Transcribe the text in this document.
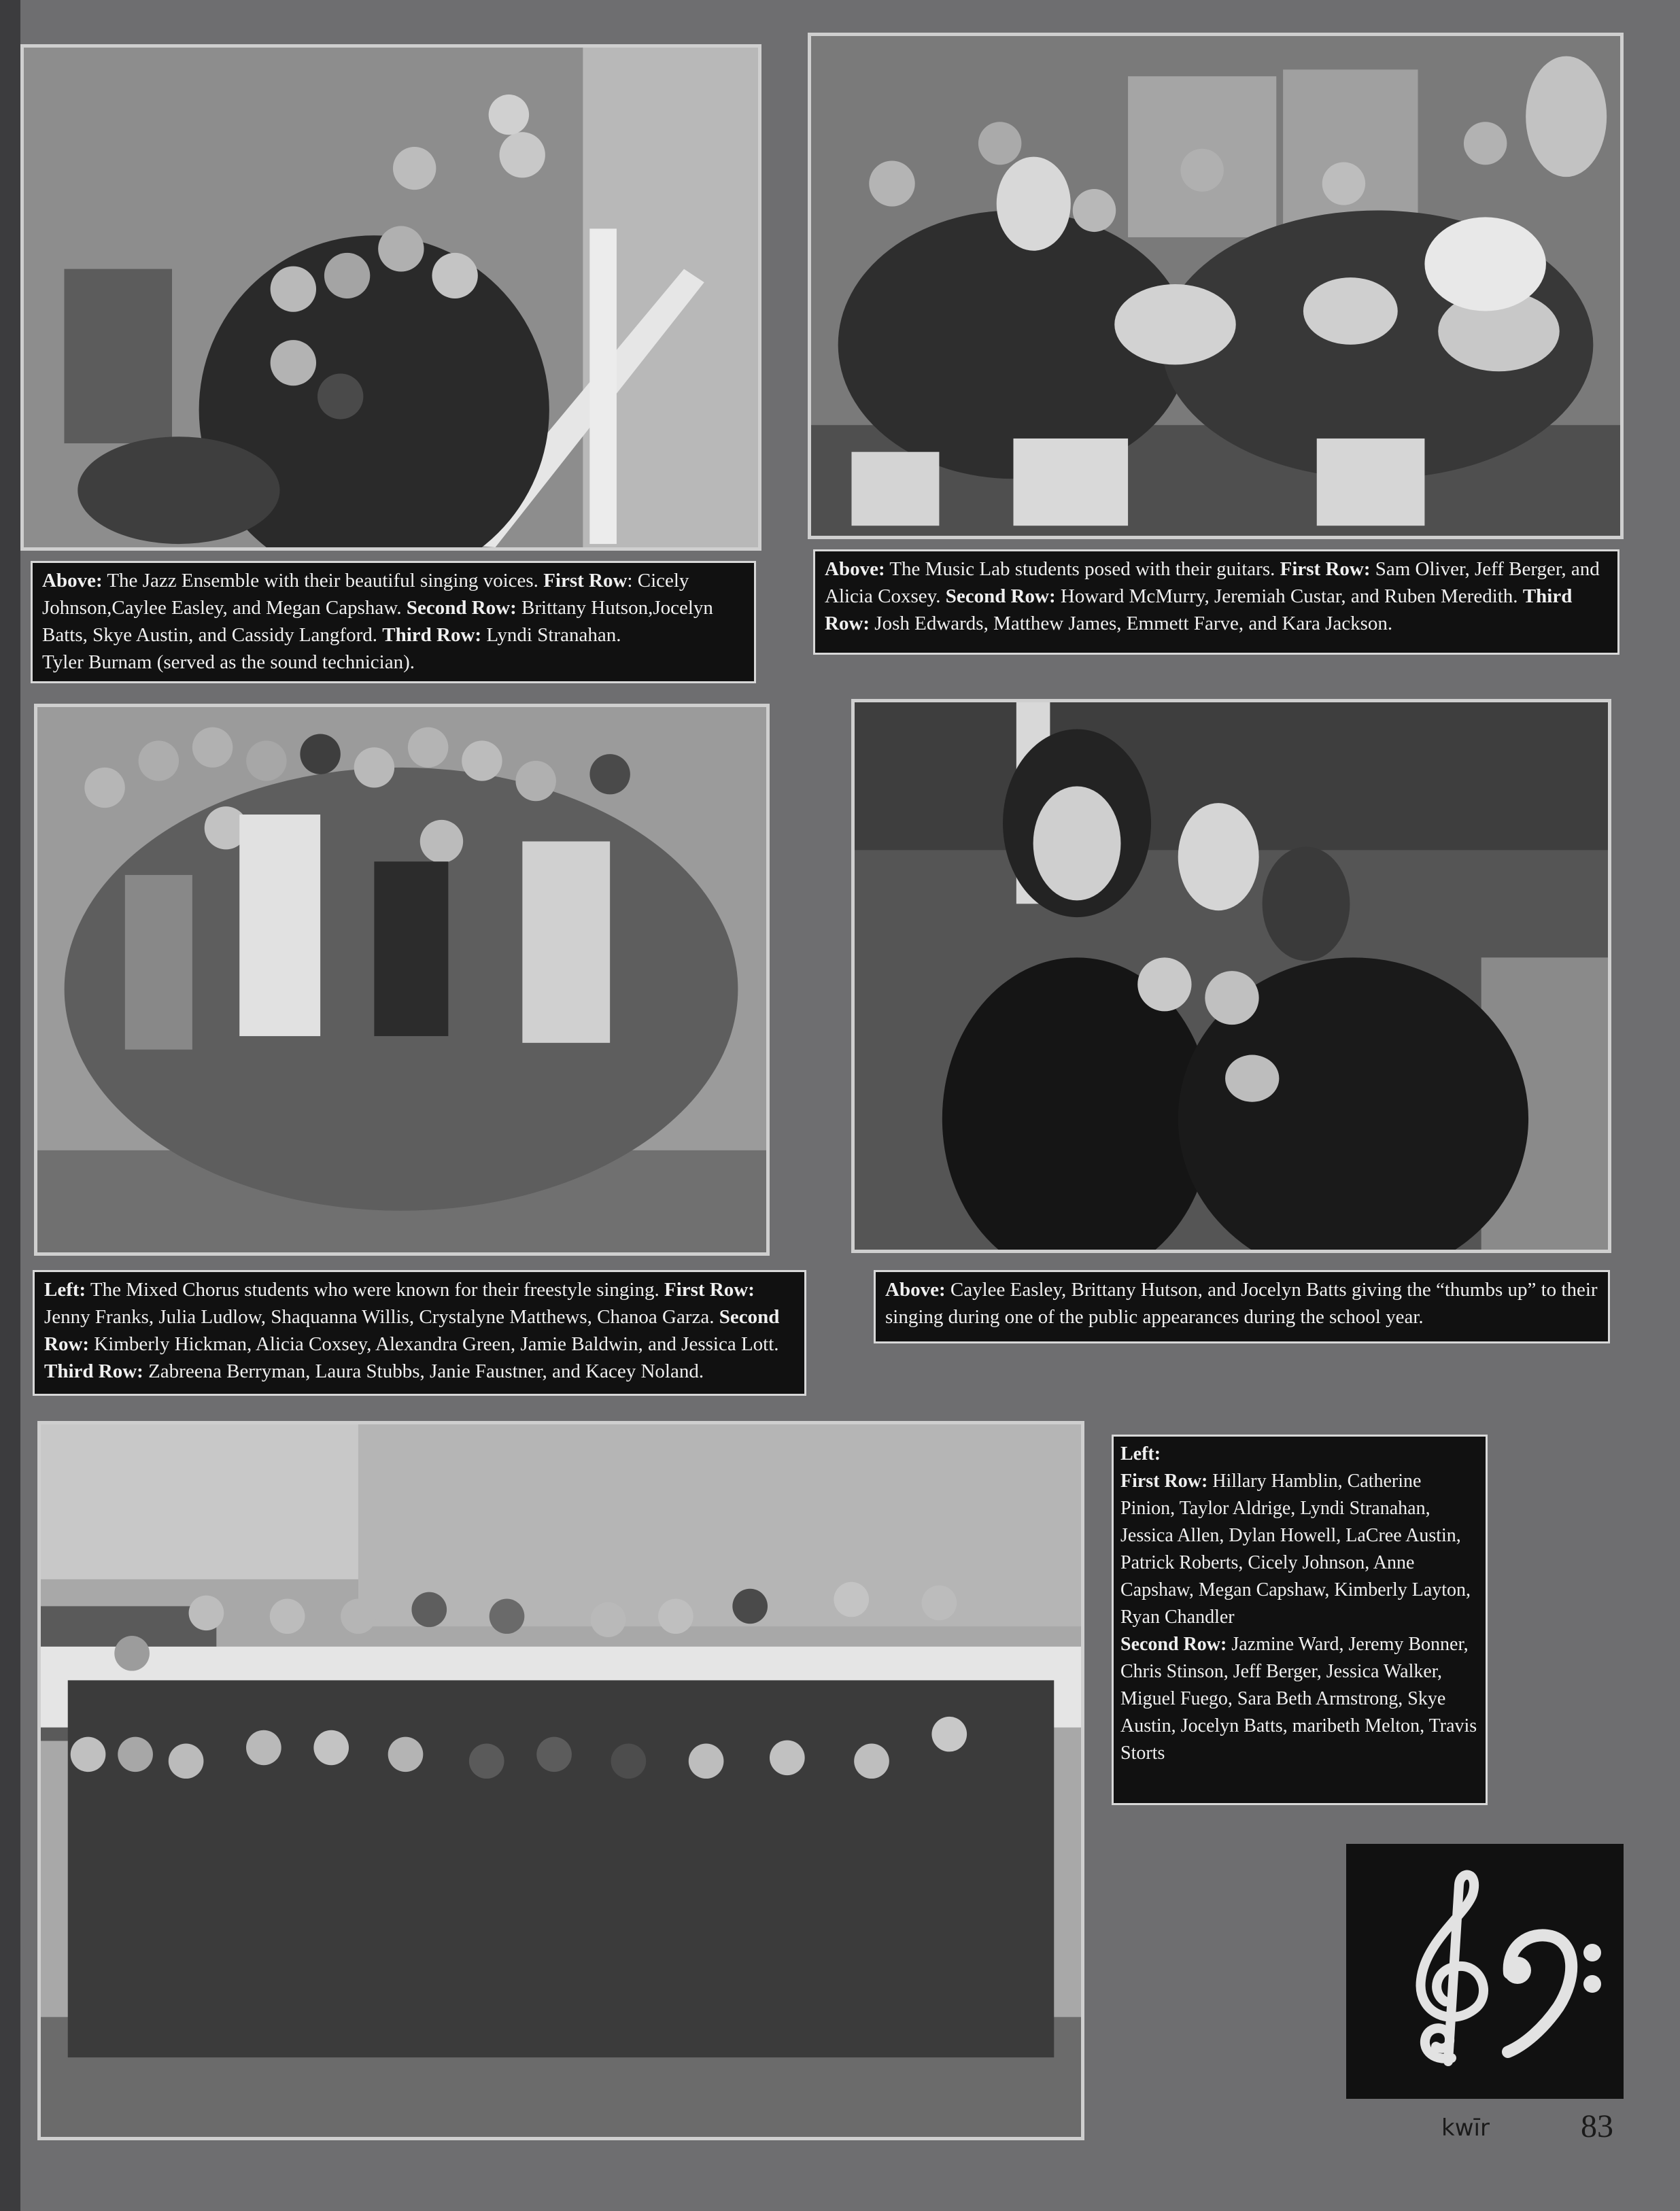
Above: The Jazz Ensemble with their beautiful singing voices. First Row: Cicely Johnson,Caylee Easley, and Megan Capshaw. Second Row: Brittany Hutson,Jocelyn Batts, Skye Austin, and Cassidy Langford. Third Row: Lyndi Stranahan.
Tyler Burnam (served as the sound technician).
Above: The Music Lab students posed with their guitars. First Row: Sam Oliver, Jeff Berger, and Alicia Coxsey. Second Row: Howard McMurry, Jeremiah Custar, and Ruben Meredith. Third Row: Josh Edwards, Matthew James, Emmett Farve, and Kara Jackson.
Left: The Mixed Chorus students who were known for their freestyle singing. First Row: Jenny Franks, Julia Ludlow, Shaquanna Willis, Crystalyne Matthews, Chanoa Garza. Second Row: Kimberly Hickman, Alicia Coxsey, Alexandra Green, Jamie Baldwin, and Jessica Lott. Third Row: Zabreena Berryman, Laura Stubbs, Janie Faustner, and Kacey Noland.
Above: Caylee Easley, Brittany Hutson, and Jocelyn Batts giving the “thumbs up” to their singing during one of the public appearances during the school year.
Left:
First Row: Hillary Hamblin, Catherine Pinion, Taylor Aldrige, Lyndi Stranahan, Jessica Allen, Dylan Howell, LaCree Austin, Patrick Roberts, Cicely Johnson, Anne Capshaw, Megan Capshaw, Kimberly Layton, Ryan Chandler
Second Row: Jazmine Ward, Jeremy Bonner, Chris Stinson, Jeff Berger, Jessica Walker, Miguel Fuego, Sara Beth Armstrong, Skye Austin, Jocelyn Batts, maribeth Melton, Travis Storts
kwīr	83
